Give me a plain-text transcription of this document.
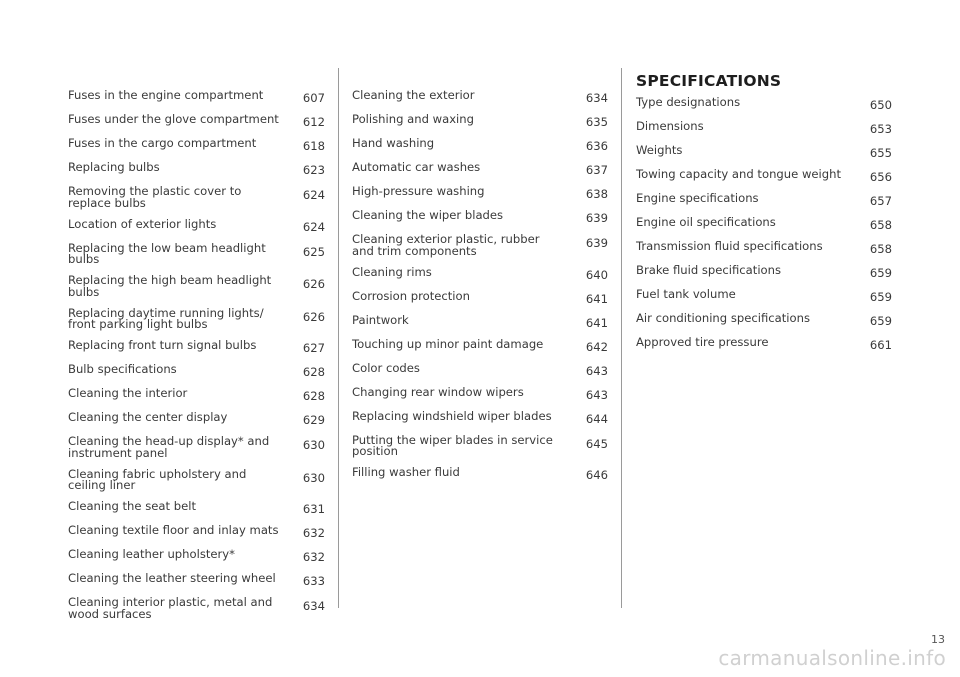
Fuses in the engine compartment	607
Fuses under the glove compartment 612
Fuses in the cargo compartment	618
Replacing bulbs	623
Removing the plastic cover to
replace bulbs
624
Location of exterior lights	624
Replacing the low beam headlight
bulbs
625
Replacing the high beam headlight
bulbs
626
Replacing daytime running lights/
front parking light bulbs
626
Replacing front turn signal bulbs	627
Bulb specifications	628
Cleaning the interior	628
Cleaning the center display	629
Cleaning the head-up display* and
instrument panel
630
Cleaning fabric upholstery and
ceiling liner
630
Cleaning the seat belt	631
Cleaning textile floor and inlay mats 632
Cleaning leather upholstery*	632
Cleaning the leather steering wheel 633
Cleaning interior plastic, metal and
wood surfaces
634
Cleaning the exterior	634
Polishing and waxing	635
Hand washing	636
Automatic car washes	637
High-pressure washing	638
Cleaning the wiper blades	639
Cleaning exterior plastic, rubber
and trim components
639
Cleaning rims	640
Corrosion protection	641
Paintwork	641
Touching up minor paint damage	642
Color codes	643
Changing rear window wipers	643
Replacing windshield wiper blades	644
Putting the wiper blades in service
position
645
Filling washer fluid	646
SPECIFICATIONS
Type designations	650
Dimensions	653
Weights	655
Towing capacity and tongue weight 656
Engine specifications	657
Engine oil specifications	658
Transmission fluid specifications	658
Brake fluid specifications	659
Fuel tank volume	659
Air conditioning specifications	659
Approved tire pressure	661
13
carmanualsonline.info
